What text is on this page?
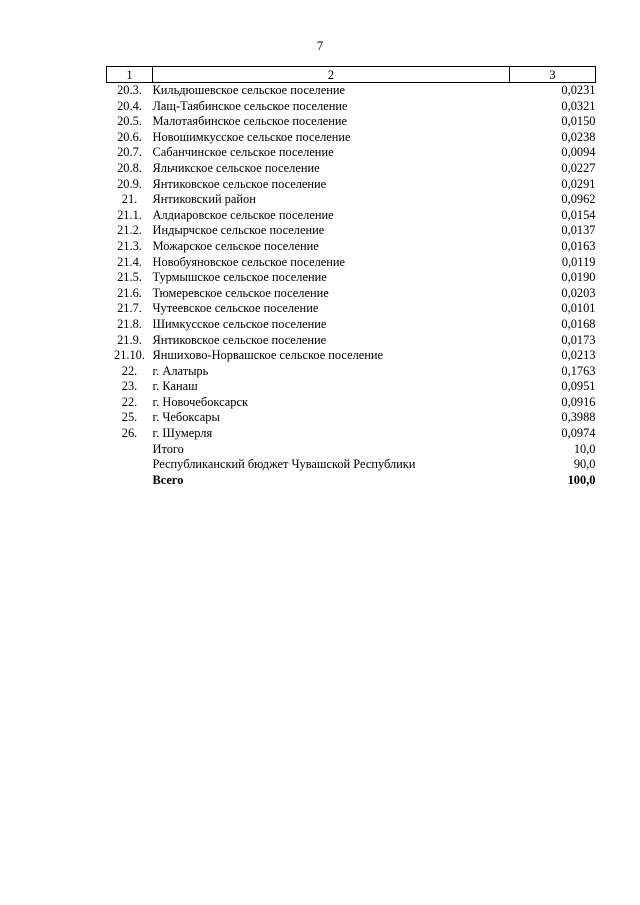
7
1	2	3
20.3.	Кильдюшевское сельское поселение	0,0231
20.4.	Лащ-Таябинское сельское поселение	0,0321
20.5.	Малотаябинское сельское поселение	0,0150
20.6.	Новошимкусское сельское поселение	0,0238
20.7.	Сабанчинское сельское поселение	0,0094
20.8.	Яльчикское сельское поселение	0,0227
20.9.	Янтиковское сельское поселение	0,0291
21.	Янтиковский район	0,0962
21.1.	Алдиаровское сельское поселение	0,0154
21.2.	Индырчское сельское поселение	0,0137
21.3.	Можарское сельское поселение	0,0163
21.4.	Новобуяновское сельское поселение	0,0119
21.5.	Турмышское сельское поселение	0,0190
21.6.	Тюмеревское сельское поселение	0,0203
21.7.	Чутеевское сельское поселение	0,0101
21.8.	Шимкусское сельское поселение	0,0168
21.9.	Янтиковское сельское поселение	0,0173
21.10.	Яншихово-Норвашское сельское поселение	0,0213
22.	г. Алатырь	0,1763
23.	г. Канаш	0,0951
22.	г. Новочебоксарск	0,0916
25.	г. Чебоксары	0,3988
26.	г. Шумерля	0,0974
	Итого	10,0
	Республиканский бюджет Чувашской Республики	90,0
	Всего	100,0
